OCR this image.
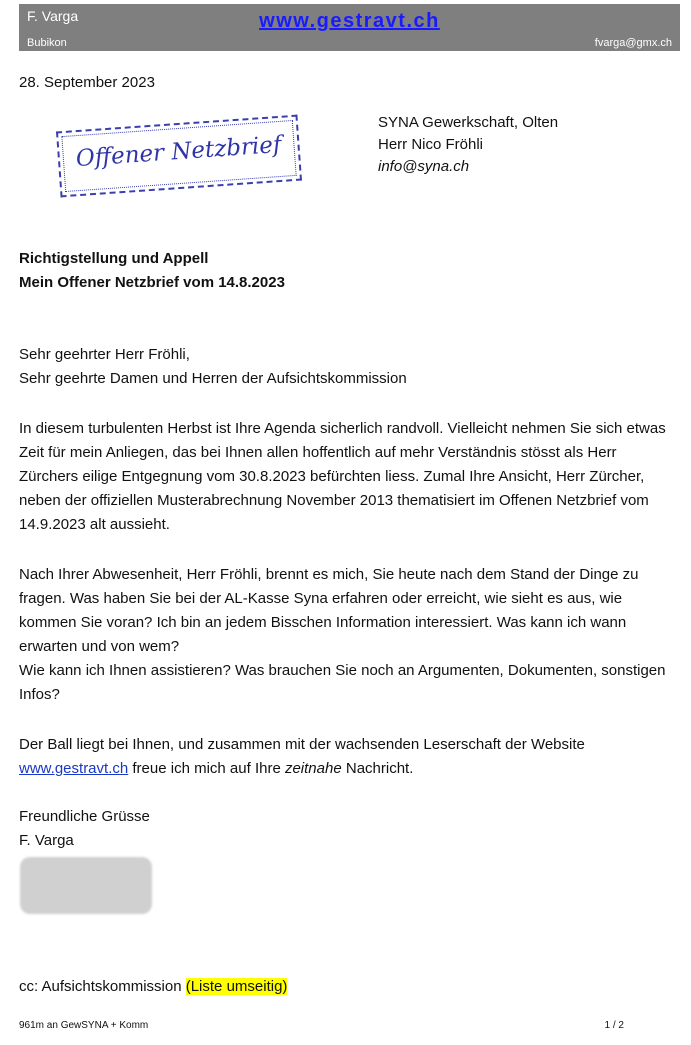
F. Varga
Bubikon
www.gestravt.ch
fvarga@gmx.ch
28. September 2023
Offener Netzbrief
SYNA Gewerkschaft, Olten
Herr Nico Fröhli
info@syna.ch
Richtigstellung und Appell
Mein Offener Netzbrief vom 14.8.2023
Sehr geehrter Herr Fröhli,
Sehr geehrte Damen und Herren der Aufsichtskommission
In diesem turbulenten Herbst ist Ihre Agenda sicherlich randvoll. Vielleicht nehmen Sie sich etwas Zeit für mein Anliegen, das bei Ihnen allen hoffentlich auf mehr Verständnis stösst als Herr Zürchers eilige Entgegnung vom 30.8.2023 befürchten liess. Zumal Ihre Ansicht, Herr Zürcher, neben der offiziellen Musterabrechnung November 2013 thematisiert im Offenen Netzbrief vom 14.9.2023 alt aussieht.
Nach Ihrer Abwesenheit, Herr Fröhli, brennt es mich, Sie heute nach dem Stand der Dinge zu fragen. Was haben Sie bei der AL-Kasse Syna erfahren oder erreicht, wie sieht es aus, wie kommen Sie voran? Ich bin an jedem Bisschen Information interessiert. Was kann ich wann erwarten und von wem?
Wie kann ich Ihnen assistieren? Was brauchen Sie noch an Argumenten, Dokumenten, sonstigen Infos?
Der Ball liegt bei Ihnen, und zusammen mit der wachsenden Leserschaft der Website www.gestravt.ch freue ich mich auf Ihre zeitnahe Nachricht.
Freundliche Grüsse
F. Varga
cc: Aufsichtskommission (Liste umseitig)
961m an GewSYNA + Komm	1 / 2
